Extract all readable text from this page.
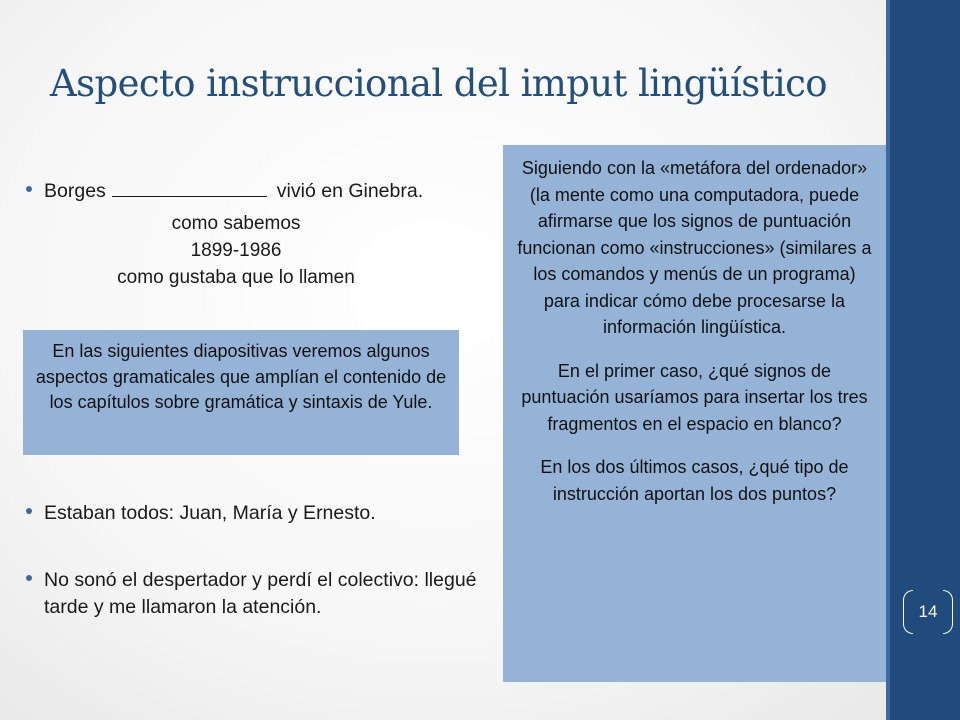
Aspecto instruccional del imput lingüístico
Borges	vivió en Ginebra.
como sabemos
1899-1986
como gustaba que lo llamen
En las siguientes diapositivas veremos algunos aspectos gramaticales que amplían el contenido de los capítulos sobre gramática y sintaxis de Yule.
Estaban todos: Juan, María y Ernesto.
No sonó el despertador y perdí el colectivo: llegué tarde y me llamaron la atención.

Siguiendo con la «metáfora del ordenador» (la mente como una computadora, puede afirmarse que los signos de puntuación funcionan como «instrucciones» (similares a los comandos y menús de un programa) para indicar cómo debe procesarse la información lingüística.

En el primer caso, ¿qué signos de puntuación usaríamos para insertar los tres fragmentos en el espacio en blanco?

En los dos últimos casos, ¿qué tipo de instrucción aportan los dos puntos?

14
